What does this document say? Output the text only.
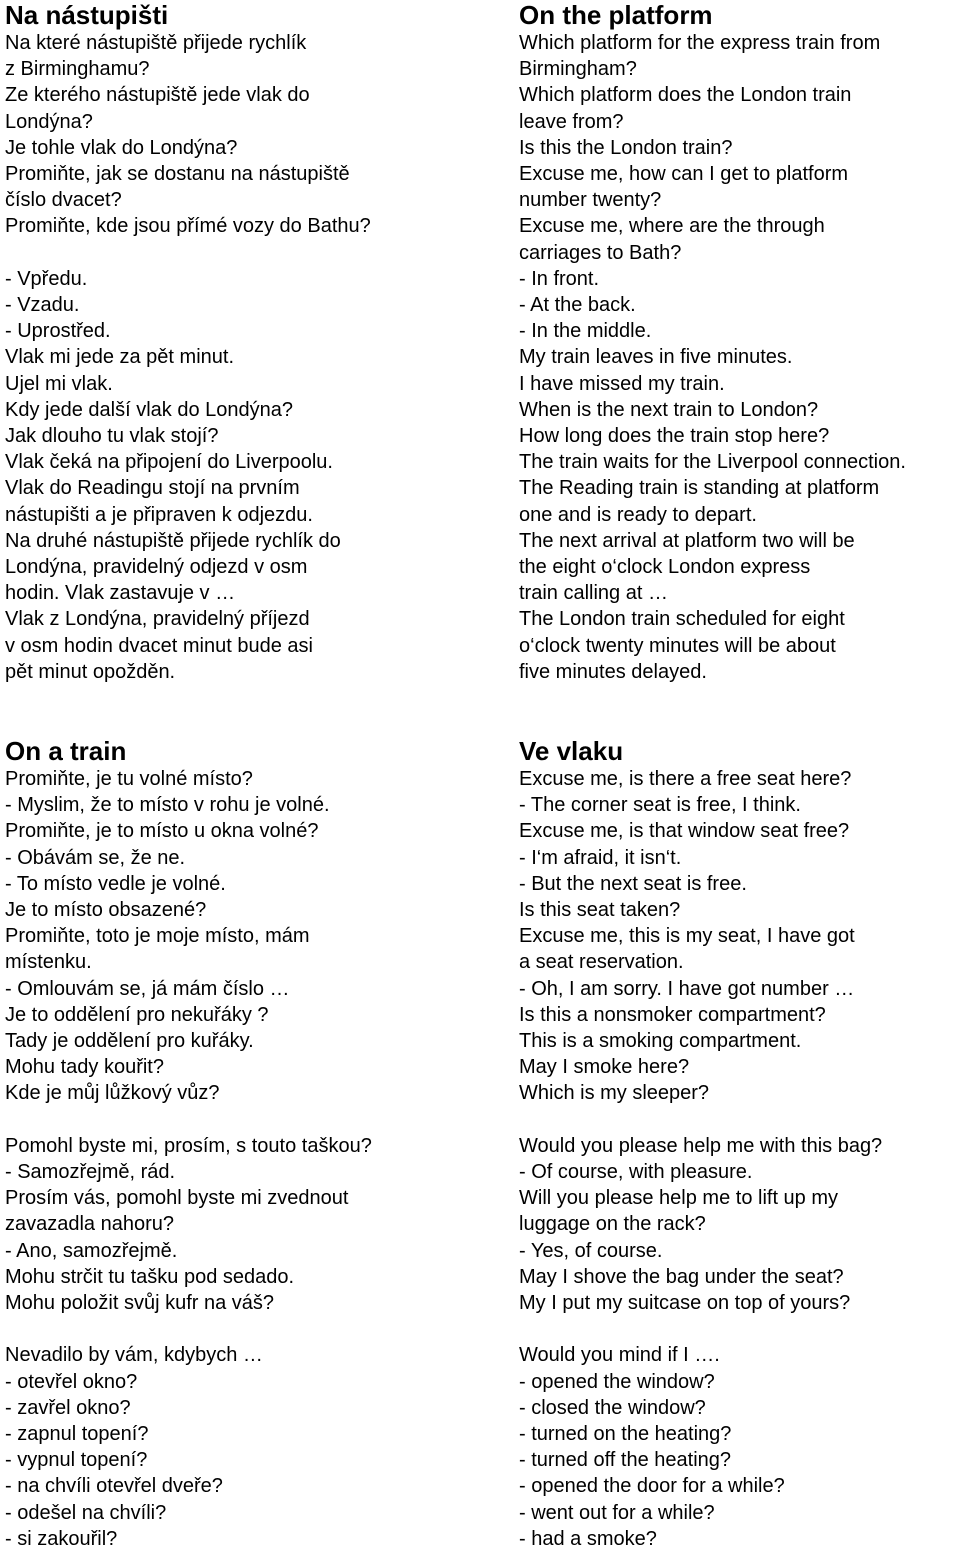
Na nástupišti
Na které nástupiště přijede rychlík
z Birminghamu?
Ze kterého nástupiště jede vlak do
Londýna?
Je tohle vlak do Londýna?
Promiňte, jak se dostanu na nástupiště
číslo dvacet?
Promiňte, kde jsou přímé vozy do Bathu?

- Vpředu.
- Vzadu.
- Uprostřed.
Vlak mi jede za pět minut.
Ujel mi vlak.
Kdy jede další vlak do Londýna?
Jak dlouho tu vlak stojí?
Vlak čeká na připojení do Liverpoolu.
Vlak do Readingu stojí na prvním
nástupišti a je připraven k odjezdu.
Na druhé nástupiště přijede rychlík do
Londýna, pravidelný odjezd v osm
hodin. Vlak zastavuje v …
Vlak z Londýna, pravidelný příjezd
v osm hodin dvacet minut bude asi
pět minut opožděn.
On the platform
Which platform for the express train from
Birmingham?
Which platform does the London train
leave from?
Is this the London train?
Excuse me, how can I get to platform
number twenty?
Excuse me, where are the through
carriages to Bath?
- In front.
- At the back.
- In the middle.
My train leaves in five minutes.
I have missed my train.
When is the next train to London?
How long does the train stop here?
The train waits for the Liverpool connection.
The Reading train is standing at platform
one and is ready to depart.
The next arrival at platform two will be
the eight o‘clock London express
train calling at …
The London train scheduled for eight
o‘clock twenty minutes will be about
five minutes delayed.
On a train
Promiňte, je tu volné místo?
- Myslim, že to místo v rohu je volné.
Promiňte, je to místo u okna volné?
- Obávám se, že ne.
- To místo vedle je volné.
Je to místo obsazené?
Promiňte, toto je moje místo, mám
místenku.
- Omlouvám se, já mám číslo …
Je to oddělení pro nekuřáky ?
Tady je oddělení pro kuřáky.
Mohu tady kouřit?
Kde je můj lůžkový vůz?
Pomohl byste mi, prosím, s touto taškou?
- Samozřejmě, rád.
Prosím vás, pomohl byste mi zvednout
zavazadla nahoru?
- Ano, samozřejmě.
Mohu strčit tu tašku pod sedado.
Mohu položit svůj kufr na váš?
Nevadilo by vám, kdybych …
- otevřel okno?
- zavřel okno?
- zapnul topení?
- vypnul topení?
- na chvíli otevřel dveře?
- odešel na chvíli?
- si zakouřil?
Ve vlaku
Excuse me, is there a free seat here?
- The corner seat is free, I think.
Excuse me, is that window seat free?
- I‘m afraid, it isn‘t.
- But the next seat is free.
Is this seat taken?
Excuse me, this is my seat, I have got
a seat reservation.
- Oh, I am sorry. I have got number …
Is this a nonsmoker compartment?
This is a smoking compartment.
May I smoke here?
Which is my sleeper?
Would you please help me with this bag?
- Of course, with pleasure.
Will you please help me to lift up my
luggage on the rack?
- Yes, of course.
May I shove the bag under the seat?
My I put my suitcase on top of yours?
Would you mind if I ….
- opened the window?
- closed the window?
- turned on the heating?
- turned off the heating?
- opened the door for a while?
- went out for a while?
- had a smoke?
